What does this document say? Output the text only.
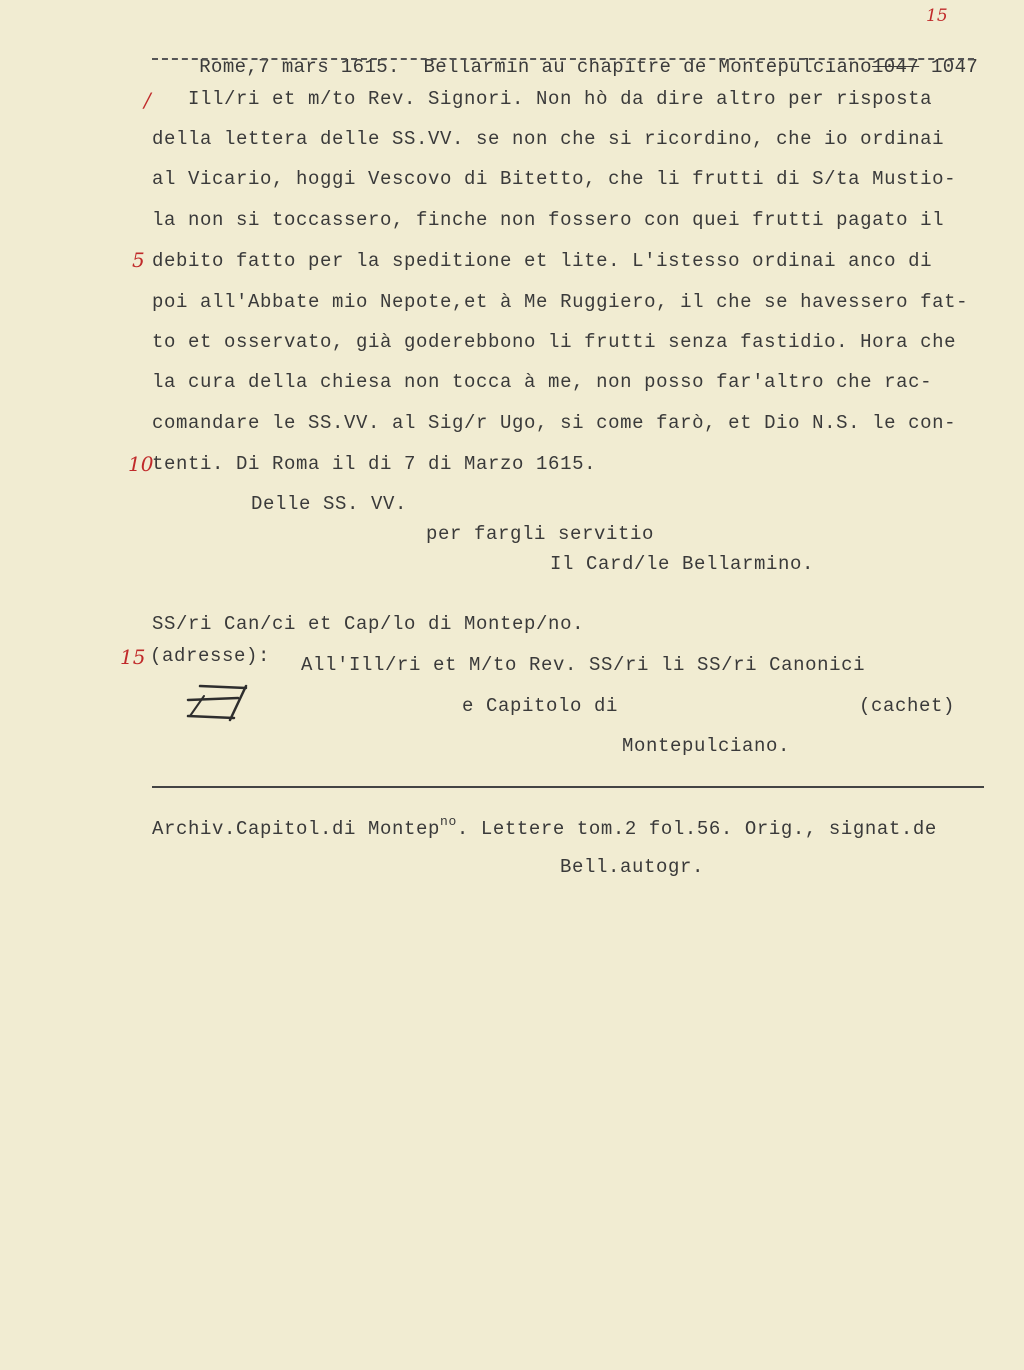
Rome,7 mars 1615.  Bellarmin au chapître de Montepulciano1047 1047

15
Ill/ri et m/to Rev. Signori. Non hò da dire altro per risposta
della lettera delle SS.VV. se non che si ricordino, che io ordinai
al Vicario, hoggi Vescovo di Bitetto, che li frutti di S/ta Mustio-
la non si toccassero, finche non fossero con quei frutti pagato il
debito fatto per la speditione et lite. L'istesso ordinai anco di
poi all'Abbate mio Nepote,et à Me Ruggiero, il che se havessero fat-
to et osservato, già goderebbono li frutti senza fastidio. Hora che
la cura della chiesa non tocca à me, non posso far'altro che rac-
comandare le SS.VV. al Sig/r Ugo, si come farò, et Dio N.S. le con-
tenti. Di Roma il di 7 di Marzo 1615.
/
5
10
15
Delle SS. VV.
per fargli servitio
Il Card/le Bellarmino.
SS/ri Can/ci et Cap/lo di Montep/no.
(adresse): All'Ill/ri et M/to Rev. SS/ri li SS/ri Canonici
e Capitolo di	(cachet)
Montepulciano.
Archiv.Capitol.di Montep$^{no}$. Lettere tom.2 fol.56. Orig., signat.de
Bell.autogr.
